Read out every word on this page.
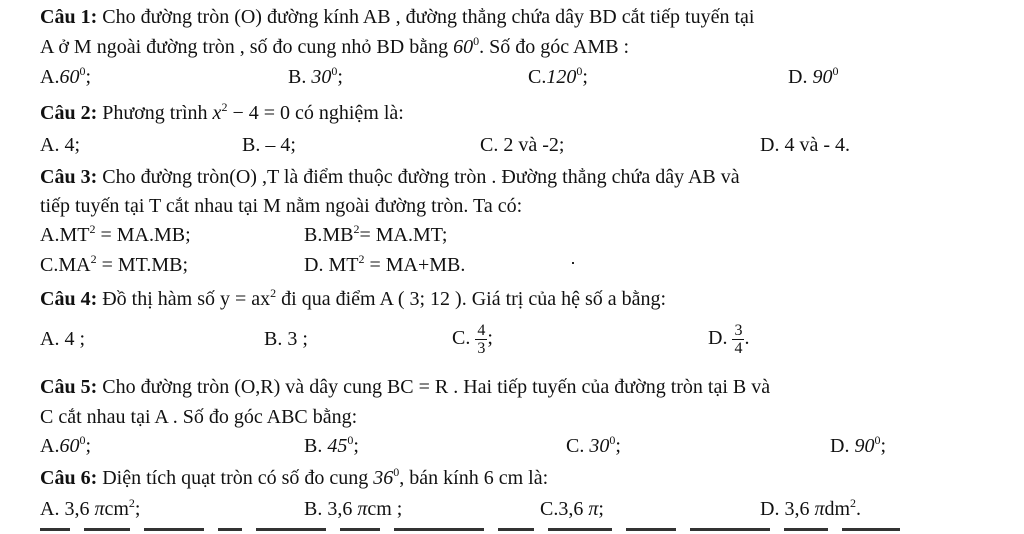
Câu 1: Cho đường tròn (O) đường kính AB , đường thẳng chứa dây BD cắt tiếp tuyến tại
A ở M ngoài đường tròn , số đo cung nhỏ BD bằng $60^0$. Số đo góc AMB :
$A.60^0$;	B. $30^0$;	C.120$^0$;	D. $90^0$
Câu 2: Phương trình $x^2 - 4 = 0$ có nghiệm là:
A. 4;	B. – 4;	C. 2 và -2;	D. 4 và - 4.
Câu 3: Cho đường tròn(O) ,T là điểm thuộc đường tròn . Đường thẳng chứa dây AB và
tiếp tuyến tại T cắt nhau tại M nằm ngoài đường tròn. Ta có:
$A.MT^2 = MA.MB$;	$B.MB^2= MA.MT$;
$C.MA^2 = MT.MB$;	D. $MT^2 = MA+MB$.
Câu 4: Đồ thị hàm số $y = ax^2$ đi qua điểm A ( 3; 12 ). Giá trị của hệ số a bằng:
A. 4 ;	B. 3 ;	C. $\frac{4}{3}$ ;	D. $\frac{3}{4}$ .
Câu 5: Cho đường tròn (O,R) và dây cung BC = R . Hai tiếp tuyến của đường tròn tại B và
C cắt nhau tại A . Số đo góc ABC bằng:
$A.60^0$;	B. $45^0$;	C. $30^0$;	D. $90^0$;
Câu 6: Diện tích quạt tròn có số đo cung $36^0$, bán kính 6 cm là:
A. 3,6 πcm$^2$;	B. 3,6 πcm ;	C.3,6 π;	D. 3,6 πdm$^2$.
